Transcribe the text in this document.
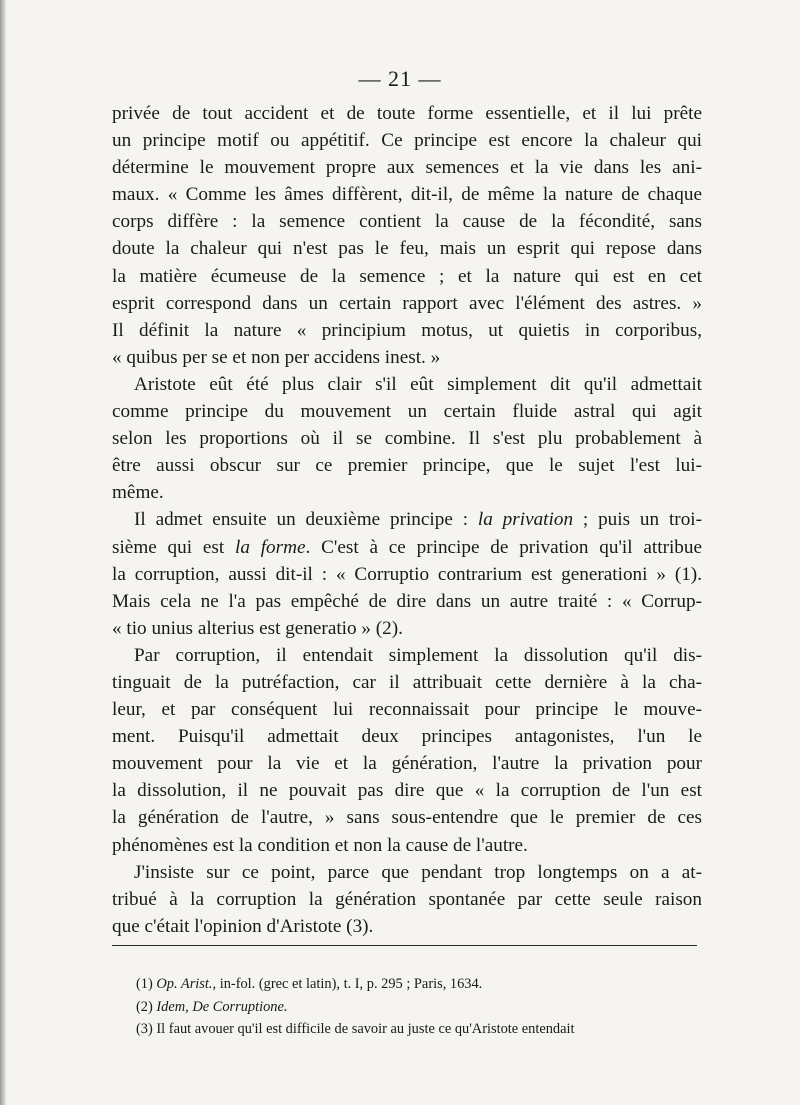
— 21 —
privée de tout accident et de toute forme essentielle, et il lui prête
un principe motif ou appétitif. Ce principe est encore la chaleur qui
détermine le mouvement propre aux semences et la vie dans les ani-
maux. « Comme les âmes diffèrent, dit-il, de même la nature de chaque
corps diffère : la semence contient la cause de la fécondité, sans
doute la chaleur qui n'est pas le feu, mais un esprit qui repose dans
la matière écumeuse de la semence ; et la nature qui est en cet
esprit correspond dans un certain rapport avec l'élément des astres. »
Il définit la nature « principium motus, ut quietis in corporibus,
« quibus per se et non per accidens inest. »
Aristote eût été plus clair s'il eût simplement dit qu'il admettait
comme principe du mouvement un certain fluide astral qui agit
selon les proportions où il se combine. Il s'est plu probablement à
être aussi obscur sur ce premier principe, que le sujet l'est lui-
même.
Il admet ensuite un deuxième principe : la privation ; puis un troi-
sième qui est la forme. C'est à ce principe de privation qu'il attribue
la corruption, aussi dit-il : « Corruptio contrarium est generationi » (1).
Mais cela ne l'a pas empêché de dire dans un autre traité : « Corrup-
« tio unius alterius est generatio » (2).
Par corruption, il entendait simplement la dissolution qu'il dis-
tinguait de la putréfaction, car il attribuait cette dernière à la cha-
leur, et par conséquent lui reconnaissait pour principe le mouve-
ment. Puisqu'il admettait deux principes antagonistes, l'un le
mouvement pour la vie et la génération, l'autre la privation pour
la dissolution, il ne pouvait pas dire que « la corruption de l'un est
la génération de l'autre, » sans sous-entendre que le premier de ces
phénomènes est la condition et non la cause de l'autre.
J'insiste sur ce point, parce que pendant trop longtemps on a at-
tribué à la corruption la génération spontanée par cette seule raison
que c'était l'opinion d'Aristote (3).
(1) Op. Arist., in-fol. (grec et latin), t. I, p. 295 ; Paris, 1634.
(2) Idem, De Corruptione.
(3) Il faut avouer qu'il est difficile de savoir au juste ce qu'Aristote entendait
